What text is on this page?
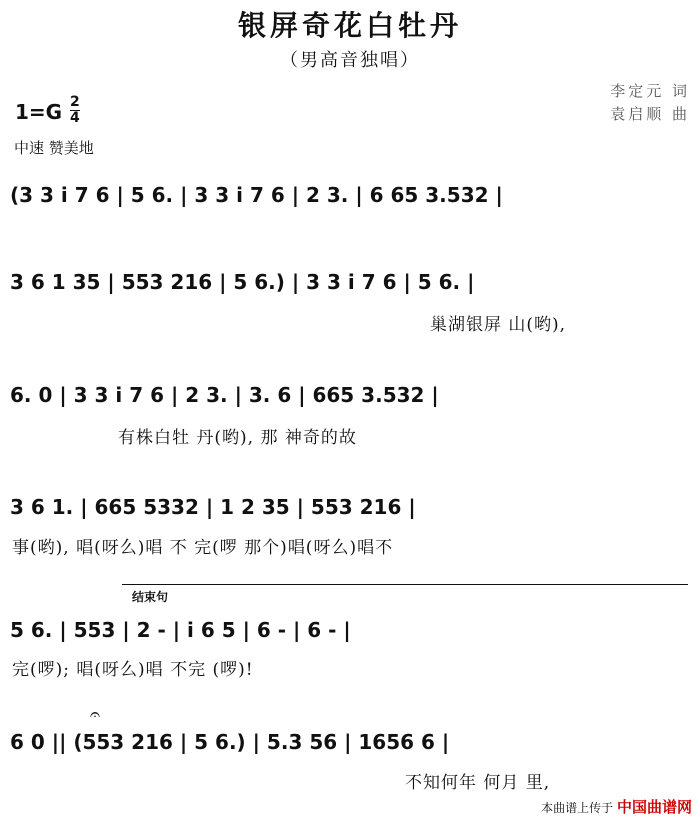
银屏奇花白牡丹
（男高音独唱）
李定元 词
袁启顺 曲
1=G 2
4
中速 赞美地
(3 3 i 7 6 | 5 6. | 3 3 i 7 6 | 2 3. | 6 65 3.532 |
3 6 1 35 | 553 216 | 5 6.) | 3 3 i 7 6 | 5 6. |
巢湖银屏 山(哟),
6. 0 | 3 3 i 7 6 | 2 3. | 3. 6 | 665 3.532 |
有株白牡 丹(哟), 那 神奇的故
3 6 1. | 665 5332 | 1 2 35 | 553 216 |
事(哟), 唱(呀么)唱 不 完(啰 那个)唱(呀么)唱不
结束句
5 6. | 553 | 2 - | i 6 5 | 6 - | 6 - |
完(啰); 唱(呀么)唱 不完 (啰)!
𝄐
6 0 || (553 216 | 5 6.) | 5.3 56 | 1656 6 |
不知何年 何月 里,
本曲谱上传于 中国曲谱网
